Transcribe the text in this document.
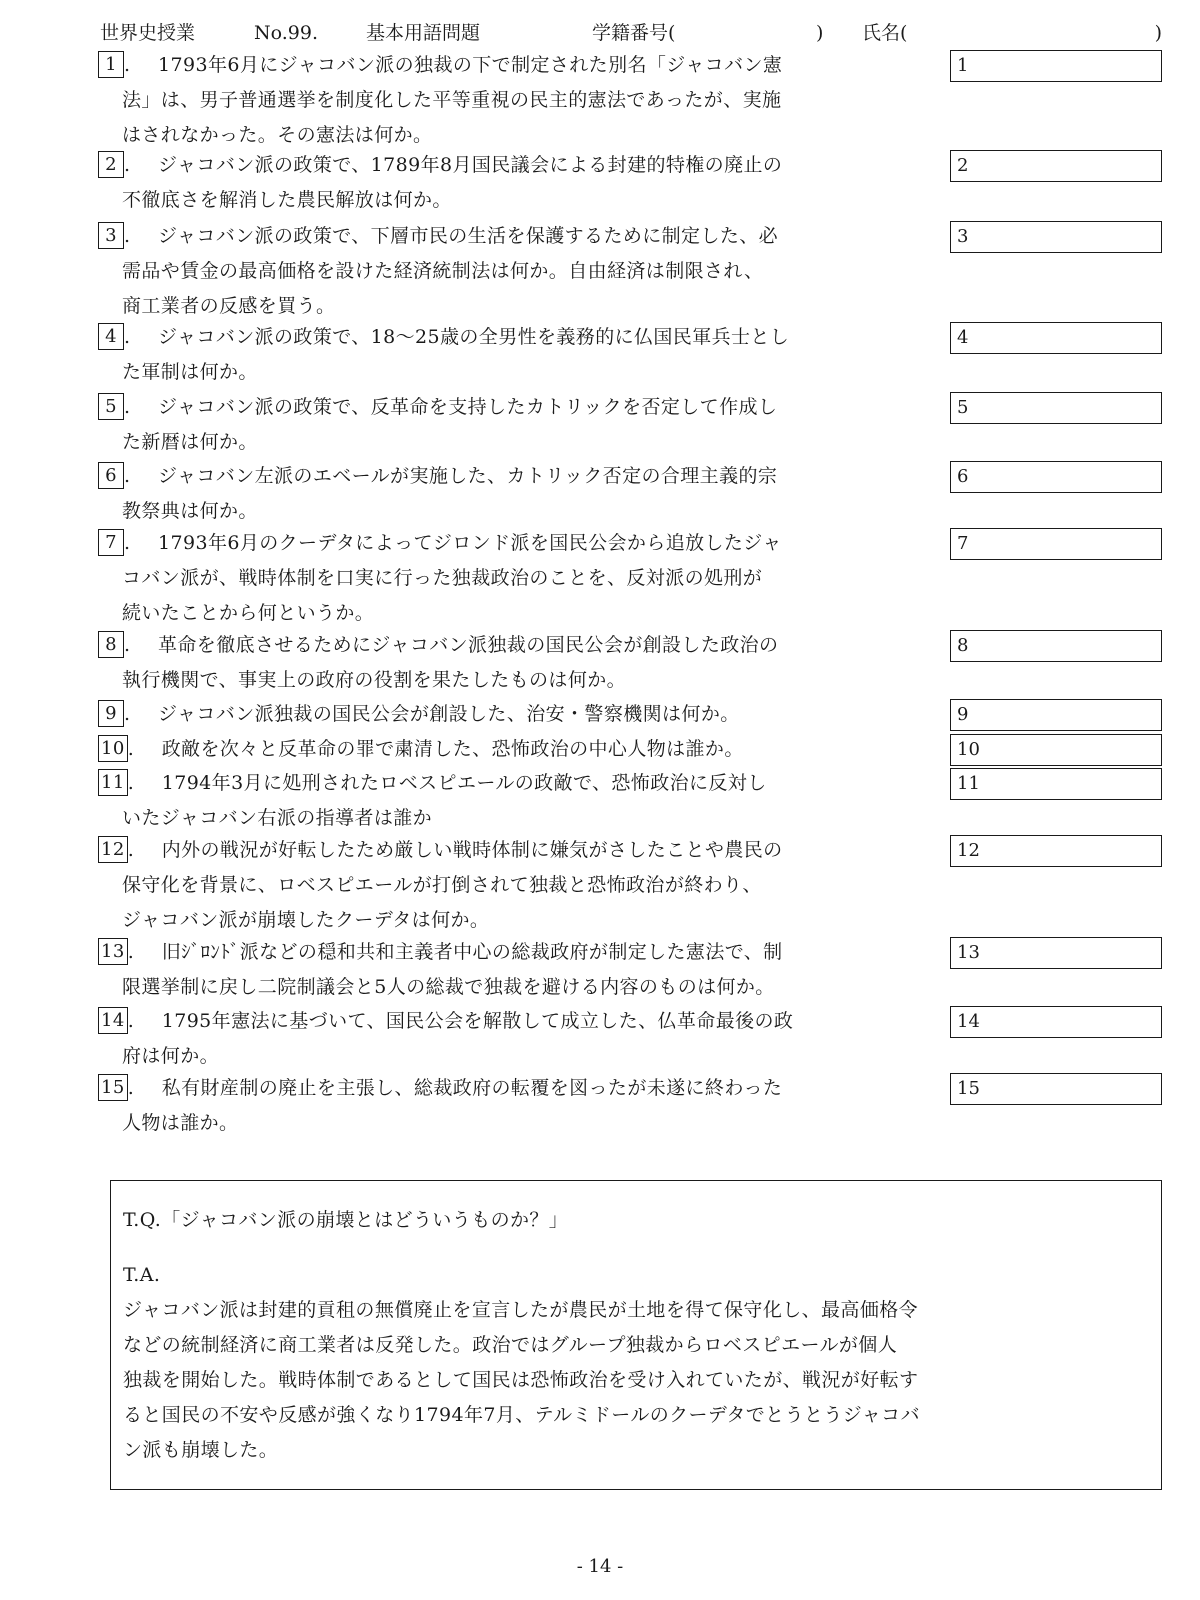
世界史授業	No.99.	基本用語問題	学籍番号(	) 氏名(	)
1 . 1793年6月にジャコバン派の独裁の下で制定された別名「ジャコバン憲
法」は、男子普通選挙を制度化した平等重視の民主的憲法であったが、実施
はされなかった。その憲法は何か。
1
2 . ジャコバン派の政策で、1789年8月国民議会による封建的特権の廃止の
不徹底さを解消した農民解放は何か。
2
3 . ジャコバン派の政策で、下層市民の生活を保護するために制定した、必
需品や賃金の最高価格を設けた経済統制法は何か。自由経済は制限され、
商工業者の反感を買う。
3
4 . ジャコバン派の政策で、18～25歳の全男性を義務的に仏国民軍兵士とし
た軍制は何か。
4
5 . ジャコバン派の政策で、反革命を支持したカトリックを否定して作成し
た新暦は何か。
5
6 . ジャコバン左派のエベールが実施した、カトリック否定の合理主義的宗
教祭典は何か。
6
7 . 1793年6月のクーデタによってジロンド派を国民公会から追放したジャ
コバン派が、戦時体制を口実に行った独裁政治のことを、反対派の処刑が
続いたことから何というか。
7
8 . 革命を徹底させるためにジャコバン派独裁の国民公会が創設した政治の
執行機関で、事実上の政府の役割を果たしたものは何か。
8
9 . ジャコバン派独裁の国民公会が創設した、治安・警察機関は何か。	9
10 . 政敵を次々と反革命の罪で粛清した、恐怖政治の中心人物は誰か。	10
11 . 1794年3月に処刑されたロベスピエールの政敵で、恐怖政治に反対し
いたジャコバン右派の指導者は誰か
11
12 . 内外の戦況が好転したため厳しい戦時体制に嫌気がさしたことや農民の
保守化を背景に、ロベスピエールが打倒されて独裁と恐怖政治が終わり、
ジャコバン派が崩壊したクーデタは何か。
12
13 . 旧ｼﾞﾛﾝﾄﾞ派などの穏和共和主義者中心の総裁政府が制定した憲法で、制
限選挙制に戻し二院制議会と5人の総裁で独裁を避ける内容のものは何か。
13
14 . 1795年憲法に基づいて、国民公会を解散して成立した、仏革命最後の政
府は何か。
14
15 . 私有財産制の廃止を主張し、総裁政府の転覆を図ったが未遂に終わった
人物は誰か。
15
T.Q.「ジャコバン派の崩壊とはどういうものか？」
T.A.
ジャコバン派は封建的貢租の無償廃止を宣言したが農民が土地を得て保守化し、最高価格令
などの統制経済に商工業者は反発した。政治ではグループ独裁からロベスピエールが個人
独裁を開始した。戦時体制であるとして国民は恐怖政治を受け入れていたが、戦況が好転す
ると国民の不安や反感が強くなり1794年7月、テルミドールのクーデタでとうとうジャコバ
ン派も崩壊した。
- 14 -
